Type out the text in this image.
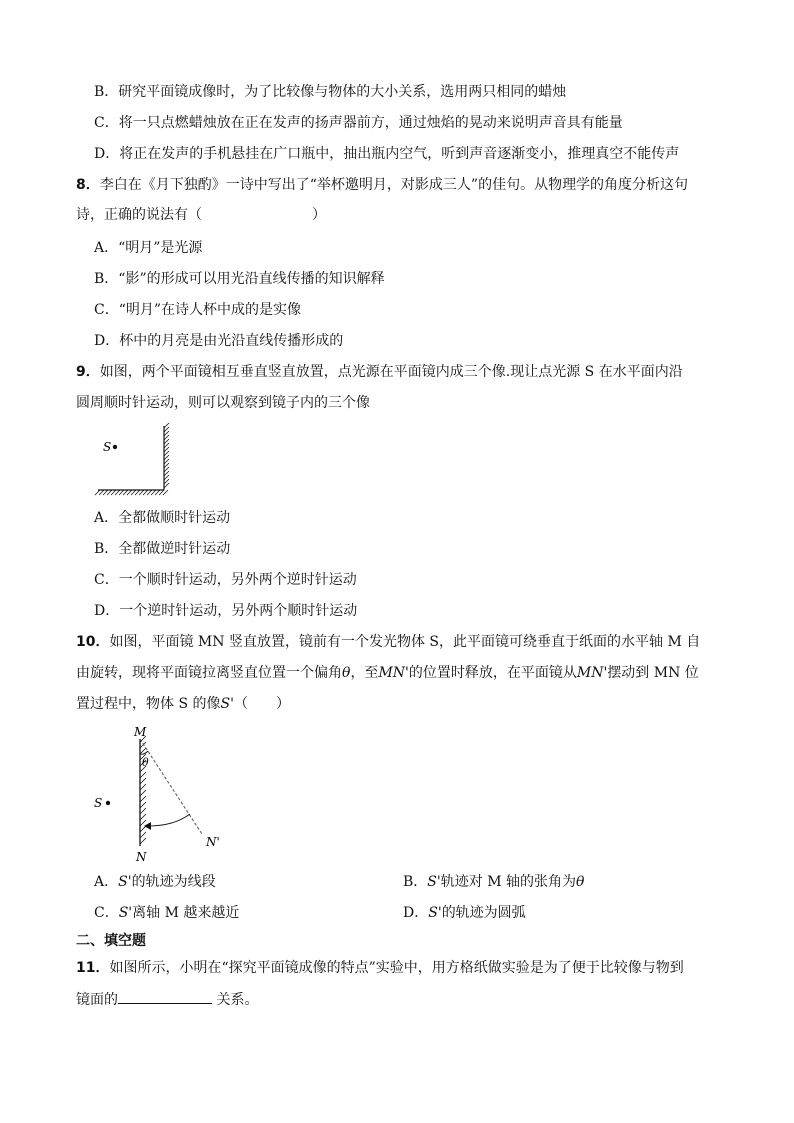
B．研究平面镜成像时，为了比较像与物体的大小关系，选用两只相同的蜡烛
C．将一只点燃蜡烛放在正在发声的扬声器前方，通过烛焰的晃动来说明声音具有能量
D．将正在发声的手机悬挂在广口瓶中，抽出瓶内空气，听到声音逐渐变小，推理真空不能传声
8．李白在《月下独酌》一诗中写出了“举杯邀明月，对影成三人”的佳句。从物理学的角度分析这句
诗，正确的说法有（	）
A．“明月”是光源
B．“影”的形成可以用光沿直线传播的知识解释
C．“明月”在诗人杯中成的是实像
D．杯中的月亮是由光沿直线传播形成的
9．如图，两个平面镜相互垂直竖直放置，点光源在平面镜内成三个像.现让点光源 S 在水平面内沿
圆周顺时针运动，则可以观察到镜子内的三个像
S
A．全都做顺时针运动
B．全都做逆时针运动
C．一个顺时针运动，另外两个逆时针运动
D．一个逆时针运动，另外两个顺时针运动
10．如图，平面镜 MN 竖直放置，镜前有一个发光物体 S，此平面镜可绕垂直于纸面的水平轴 M 自
由旋转，现将平面镜拉离竖直位置一个偏角θ，至MN'的位置时释放，在平面镜从MN'摆动到 MN 位
置过程中，物体 S 的像S'（　　）
M
θ
N
N'
S
A．S'的轨迹为线段	B．S'轨迹对 M 轴的张角为θ
C．S'离轴 M 越来越近	D．S'的轨迹为圆弧
二、填空题
11．如图所示，小明在“探究平面镜成像的特点”实验中，用方格纸做实验是为了便于比较像与物到
镜面的	关系。
